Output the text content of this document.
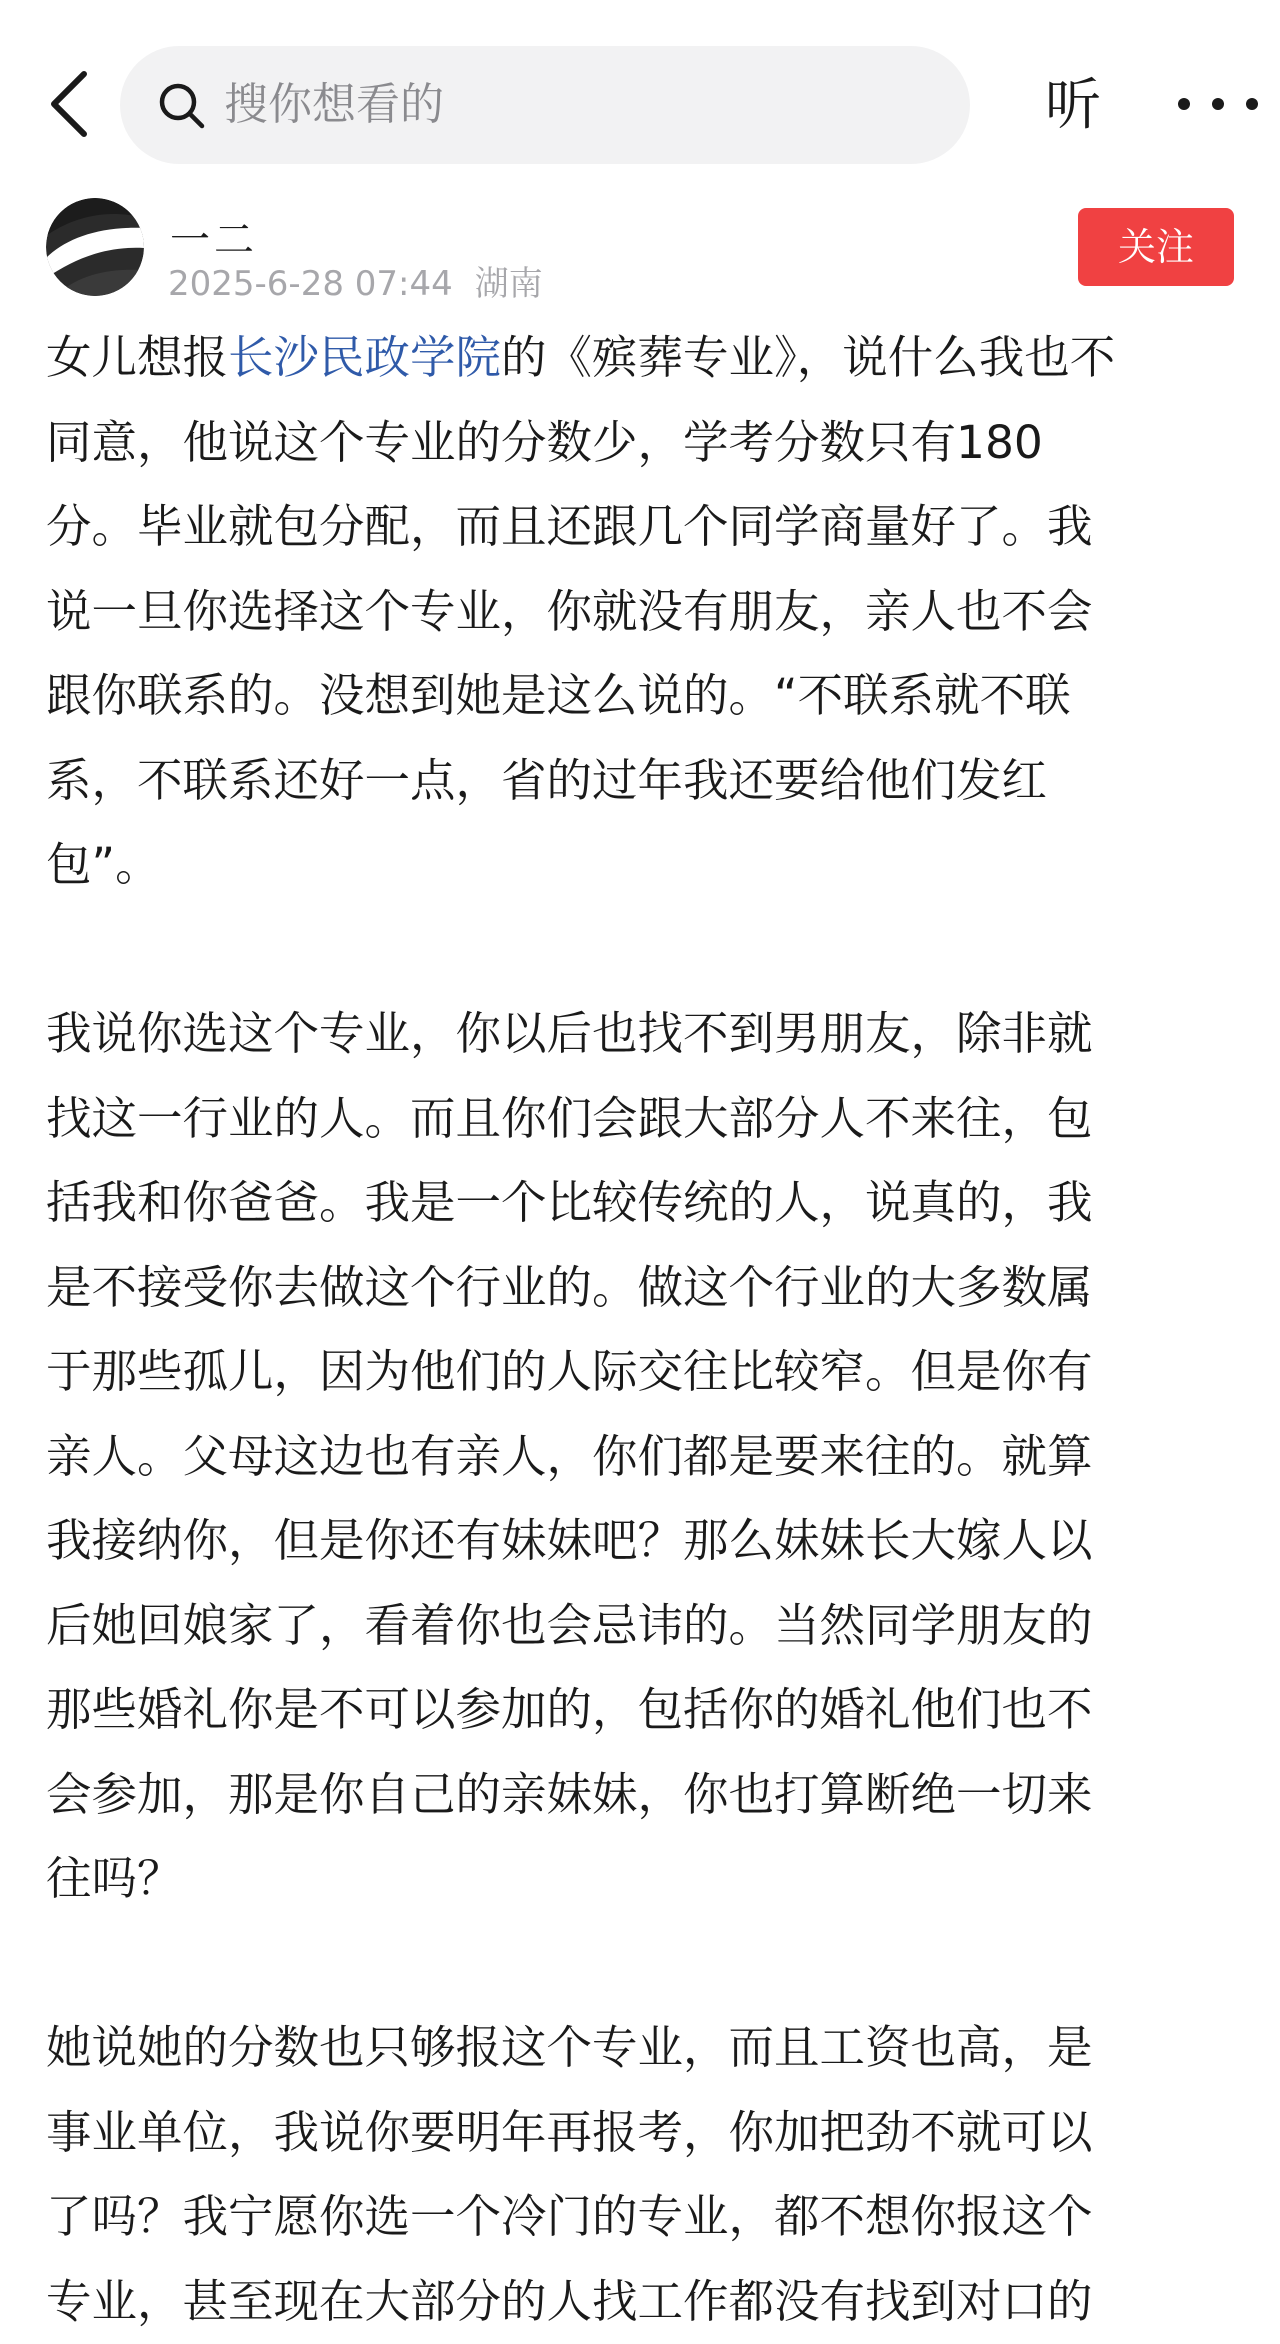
搜你想看的	听
一二
2025-6-28 07:44 湖南
关注

女儿想报长沙民政学院的《殡葬专业》，说什么我也不
同意，他说这个专业的分数少，学考分数只有180
分。毕业就包分配，而且还跟几个同学商量好了。我
说一旦你选择这个专业，你就没有朋友，亲人也不会
跟你联系的。没想到她是这么说的。“不联系就不联
系，不联系还好一点，省的过年我还要给他们发红
包”。

我说你选这个专业，你以后也找不到男朋友，除非就
找这一行业的人。而且你们会跟大部分人不来往，包
括我和你爸爸。我是一个比较传统的人，说真的，我
是不接受你去做这个行业的。做这个行业的大多数属
于那些孤儿，因为他们的人际交往比较窄。但是你有
亲人。父母这边也有亲人，你们都是要来往的。就算
我接纳你，但是你还有妹妹吧？那么妹妹长大嫁人以
后她回娘家了，看着你也会忌讳的。当然同学朋友的
那些婚礼你是不可以参加的，包括你的婚礼他们也不
会参加，那是你自己的亲妹妹，你也打算断绝一切来
往吗？

她说她的分数也只够报这个专业，而且工资也高，是
事业单位，我说你要明年再报考，你加把劲不就可以
了吗？我宁愿你选一个冷门的专业，都不想你报这个
专业，甚至现在大部分的人找工作都没有找到对口的
